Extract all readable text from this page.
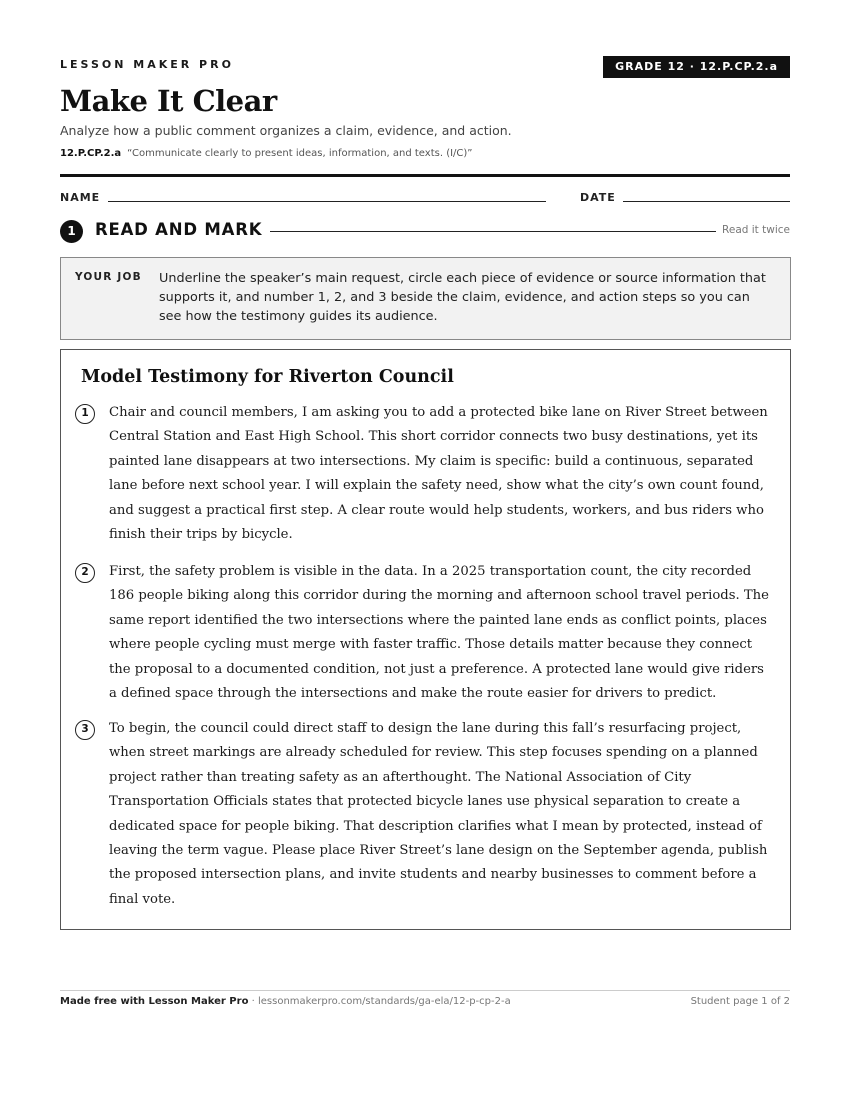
LESSON MAKER PRO	GRADE 12 · 12.P.CP.2.a
Make It Clear
Analyze how a public comment organizes a claim, evidence, and action.
12.P.CP.2.a “Communicate clearly to present ideas, information, and texts. (I/C)”
NAME	DATE
1	READ AND MARK	Read it twice
YOUR JOB Underline the speaker’s main request, circle each piece of evidence or source information that supports it, and number 1, 2, and 3 beside the claim, evidence, and action steps so you can see how the testimony guides its audience.
Model Testimony for Riverton Council
1	Chair and council members, I am asking you to add a protected bike lane on River Street between Central Station and East High School. This short corridor connects two busy destinations, yet its painted lane disappears at two intersections. My claim is specific: build a continuous, separated lane before next school year. I will explain the safety need, show what the city’s own count found, and suggest a practical first step. A clear route would help students, workers, and bus riders who finish their trips by bicycle.
2	First, the safety problem is visible in the data. In a 2025 transportation count, the city recorded 186 people biking along this corridor during the morning and afternoon school travel periods. The same report identified the two intersections where the painted lane ends as conflict points, places where people cycling must merge with faster traffic. Those details matter because they connect the proposal to a documented condition, not just a preference. A protected lane would give riders a defined space through the intersections and make the route easier for drivers to predict.
3	To begin, the council could direct staff to design the lane during this fall’s resurfacing project, when street markings are already scheduled for review. This step focuses spending on a planned project rather than treating safety as an afterthought. The National Association of City Transportation Officials states that protected bicycle lanes use physical separation to create a dedicated space for people biking. That description clarifies what I mean by protected, instead of leaving the term vague. Please place River Street’s lane design on the September agenda, publish the proposed intersection plans, and invite students and nearby businesses to comment before a final vote.
Made free with Lesson Maker Pro · lessonmakerpro.com/standards/ga-ela/12-p-cp-2-a	Student page 1 of 2
